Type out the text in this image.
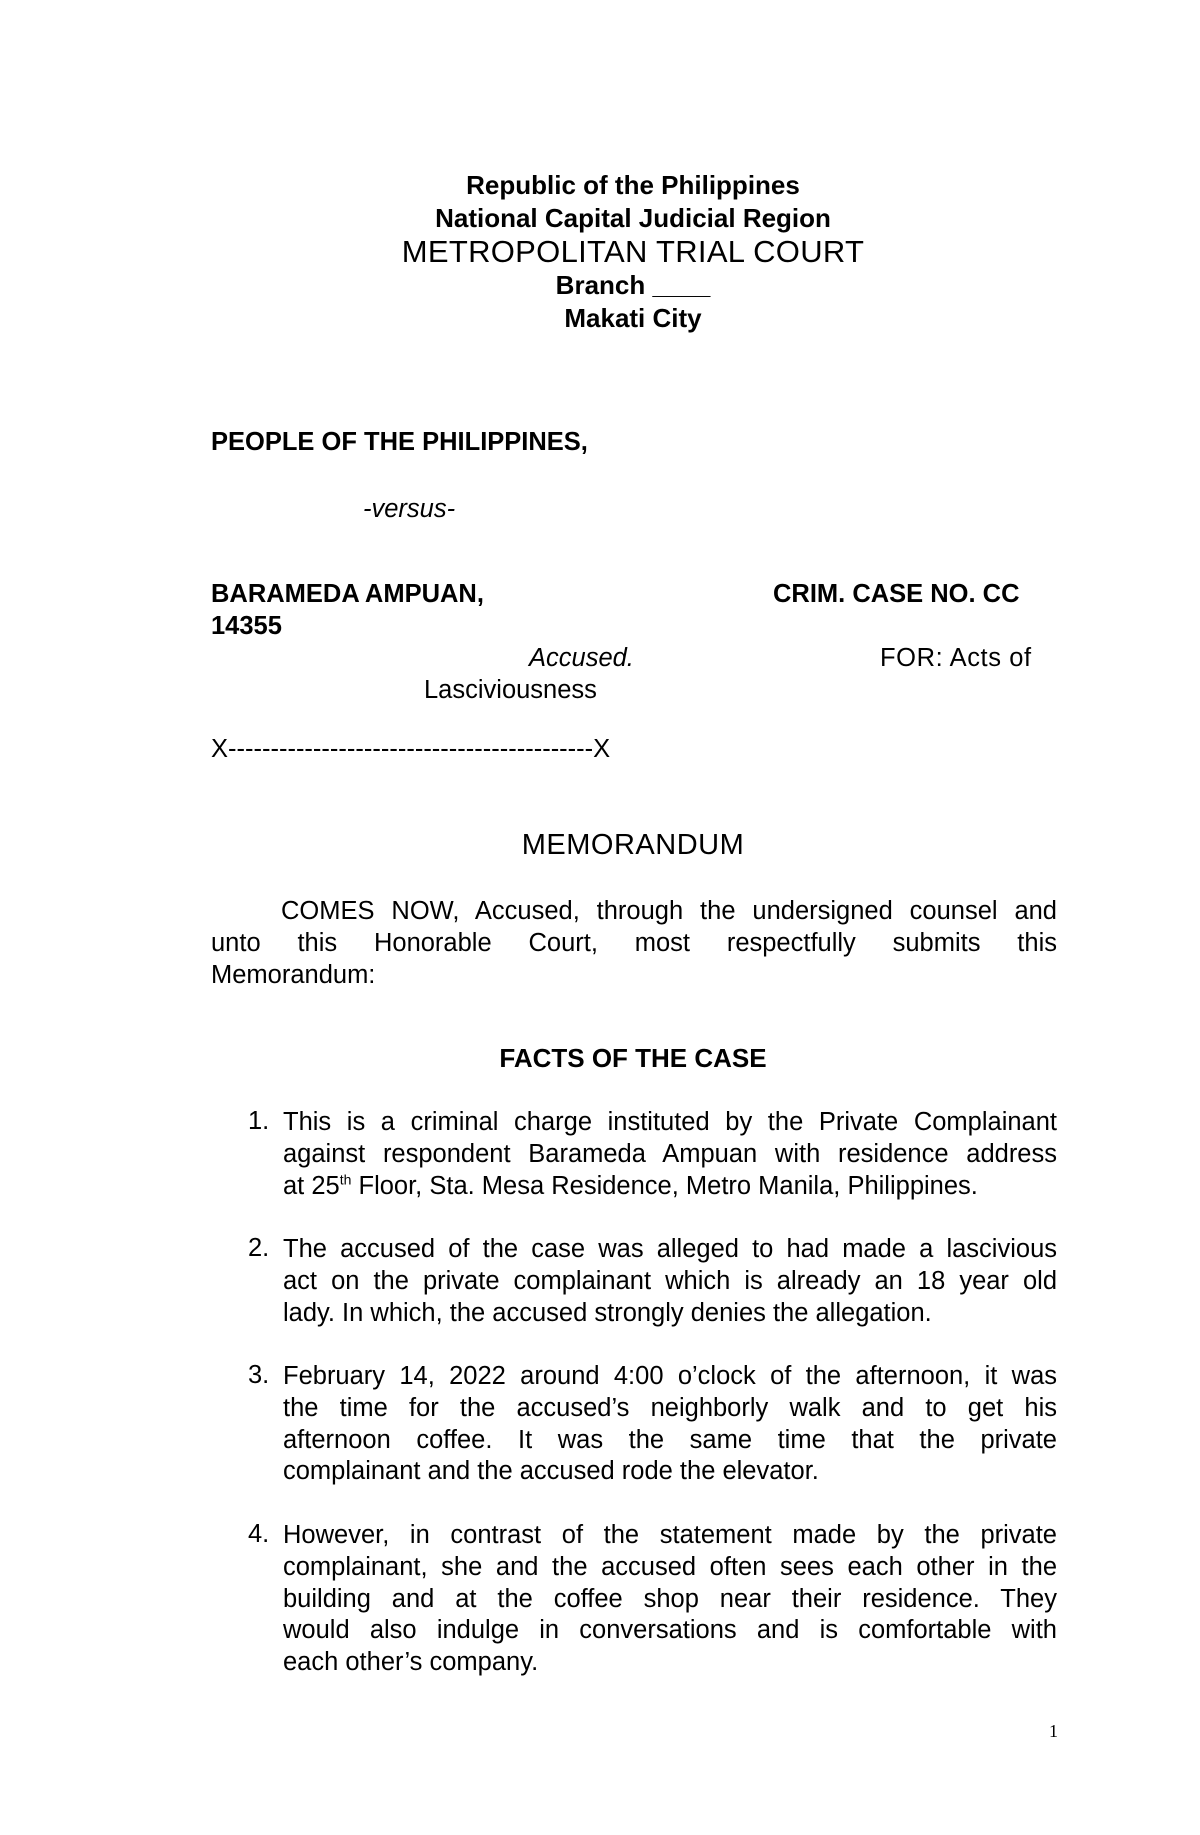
Republic of the Philippines
National Capital Judicial Region
METROPOLITAN TRIAL COURT
Branch ____
Makati City
PEOPLE OF THE PHILIPPINES,
-versus-
BARAMEDA AMPUAN,	CRIM. CASE NO. CC
14355
Accused.	FOR: Acts of
Lasciviousness
X-------------------------------------------X
MEMORANDUM
COMES NOW, Accused, through the undersigned counsel and
unto this Honorable Court, most respectfully submits this
Memorandum:
FACTS OF THE CASE
1. This is a criminal charge instituted by the Private Complainant
against respondent Barameda Ampuan with residence address
at 25th Floor, Sta. Mesa Residence, Metro Manila, Philippines.
2. The accused of the case was alleged to had made a lascivious
act on the private complainant which is already an 18 year old
lady. In which, the accused strongly denies the allegation.
3. February 14, 2022 around 4:00 o’clock of the afternoon, it was
the time for the accused’s neighborly walk and to get his
afternoon coffee. It was the same time that the private
complainant and the accused rode the elevator.
4. However, in contrast of the statement made by the private
complainant, she and the accused often sees each other in the
building and at the coffee shop near their residence. They
would also indulge in conversations and is comfortable with
each other’s company.
1
